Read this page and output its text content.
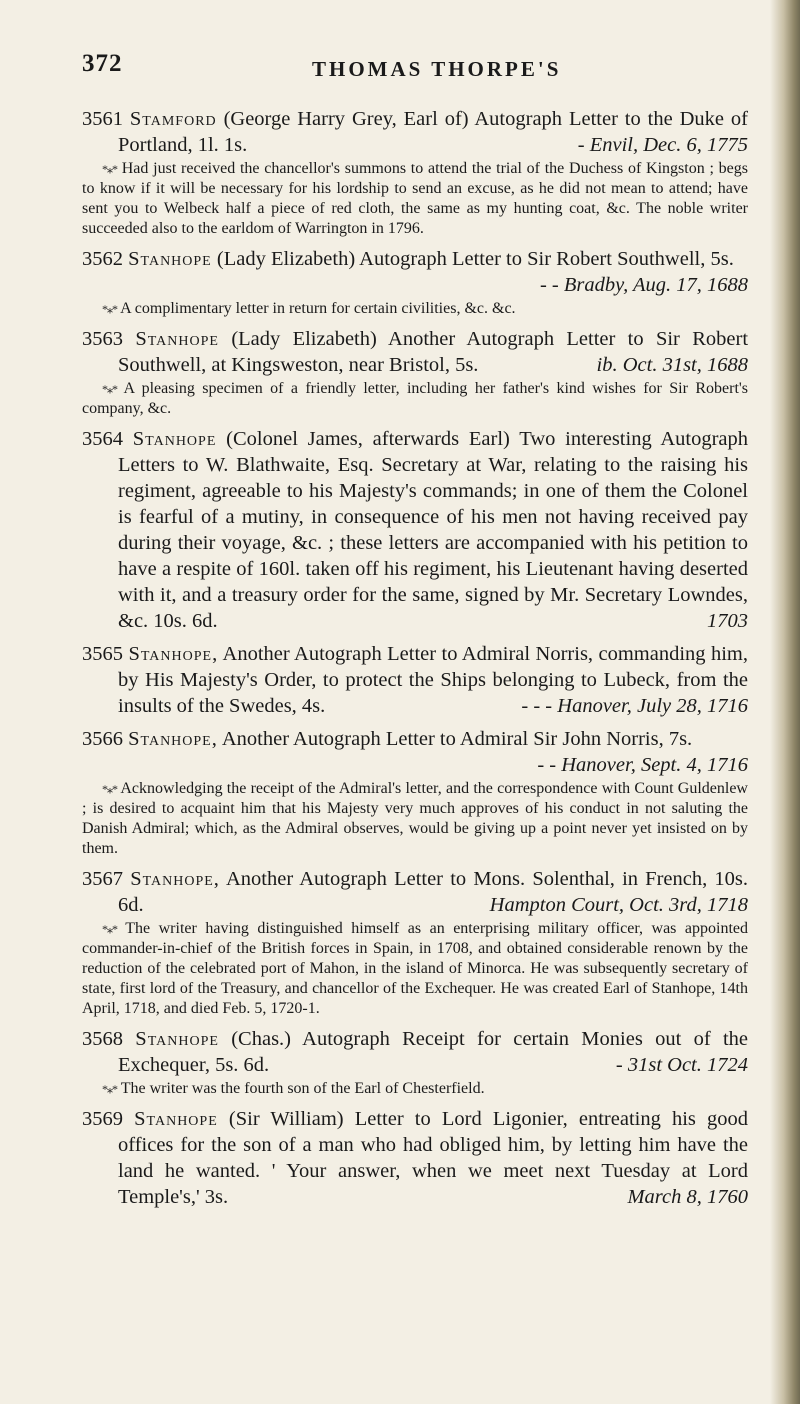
372	THOMAS THORPE'S
3561 Stamford (George Harry Grey, Earl of) Autograph Letter to the Duke of Portland, 1l. 1s.	- Envil, Dec. 6, 1775
*⁎* Had just received the chancellor's summons to attend the trial of the Duchess of Kingston ; begs to know if it will be necessary for his lordship to send an excuse, as he did not mean to attend; have sent you to Welbeck half a piece of red cloth, the same as my hunting coat, &c. The noble writer succeeded also to the earldom of Warrington in 1796.
3562 Stanhope (Lady Elizabeth) Autograph Letter to Sir Robert Southwell, 5s.
- - Bradby, Aug. 17, 1688
*⁎* A complimentary letter in return for certain civilities, &c. &c.
3563 Stanhope (Lady Elizabeth) Another Autograph Letter to Sir Robert Southwell, at Kingsweston, near Bristol, 5s.	ib. Oct. 31st, 1688
*⁎* A pleasing specimen of a friendly letter, including her father's kind wishes for Sir Robert's company, &c.
3564 Stanhope (Colonel James, afterwards Earl) Two interesting Autograph Letters to W. Blathwaite, Esq. Secretary at War, relating to the raising his regiment, agreeable to his Majesty's commands; in one of them the Colonel is fearful of a mutiny, in consequence of his men not having received pay during their voyage, &c. ; these letters are accompanied with his petition to have a respite of 160l. taken off his regiment, his Lieutenant having deserted with it, and a treasury order for the same, signed by Mr. Secretary Lowndes, &c. 10s. 6d.	1703
3565 Stanhope, Another Autograph Letter to Admiral Norris, commanding him, by His Majesty's Order, to protect the Ships belonging to Lubeck, from the insults of the Swedes, 4s.	- - - Hanover, July 28, 1716
3566 Stanhope, Another Autograph Letter to Admiral Sir John Norris, 7s.
- - Hanover, Sept. 4, 1716
*⁎* Acknowledging the receipt of the Admiral's letter, and the correspondence with Count Guldenlew ; is desired to acquaint him that his Majesty very much approves of his conduct in not saluting the Danish Admiral; which, as the Admiral observes, would be giving up a point never yet insisted on by them.
3567 Stanhope, Another Autograph Letter to Mons. Solenthal, in French, 10s. 6d.	Hampton Court, Oct. 3rd, 1718
*⁎* The writer having distinguished himself as an enterprising military officer, was appointed commander-in-chief of the British forces in Spain, in 1708, and obtained considerable renown by the reduction of the celebrated port of Mahon, in the island of Minorca. He was subsequently secretary of state, first lord of the Treasury, and chancellor of the Exchequer. He was created Earl of Stanhope, 14th April, 1718, and died Feb. 5, 1720-1.
3568 Stanhope (Chas.) Autograph Receipt for certain Monies out of the Exchequer, 5s. 6d.	- 31st Oct. 1724
*⁎* The writer was the fourth son of the Earl of Chesterfield.
3569 Stanhope (Sir William) Letter to Lord Ligonier, entreating his good offices for the son of a man who had obliged him, by letting him have the land he wanted. ' Your answer, when we meet next Tuesday at Lord Temple's,' 3s.	March 8, 1760
